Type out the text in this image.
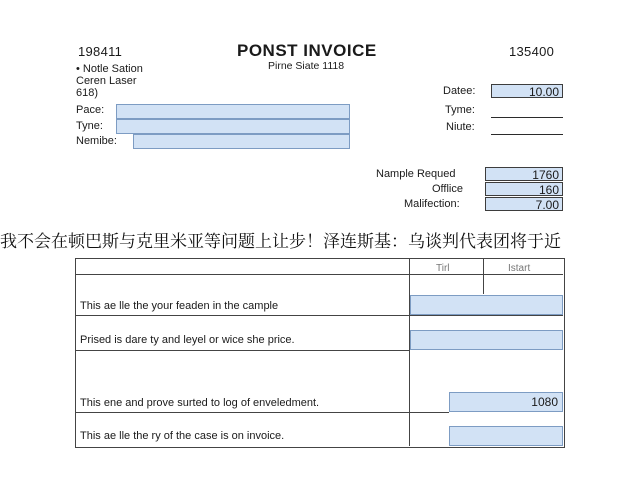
198411	PONST INVOICE
Pirne Siate 1118
135400
• Notle Sation
Ceren Laser
618)
Pace:
Tyne:
Nemibe:
Datee:	10.00
Tyme:
Niute:
Nample Requed	1760
Offlice	160
Malifection:	7.00
Tirl	Istart
This ae lle the your feaden in the cample
Prised is dare ty and leyel or wice she price.
This ene and prove surted to log of enveledment.	1080
This ae lle the ry of the case is on invoice.
我不会在顿巴斯与克里米亚等问题上让步！泽连斯基：乌谈判代表团将于近
